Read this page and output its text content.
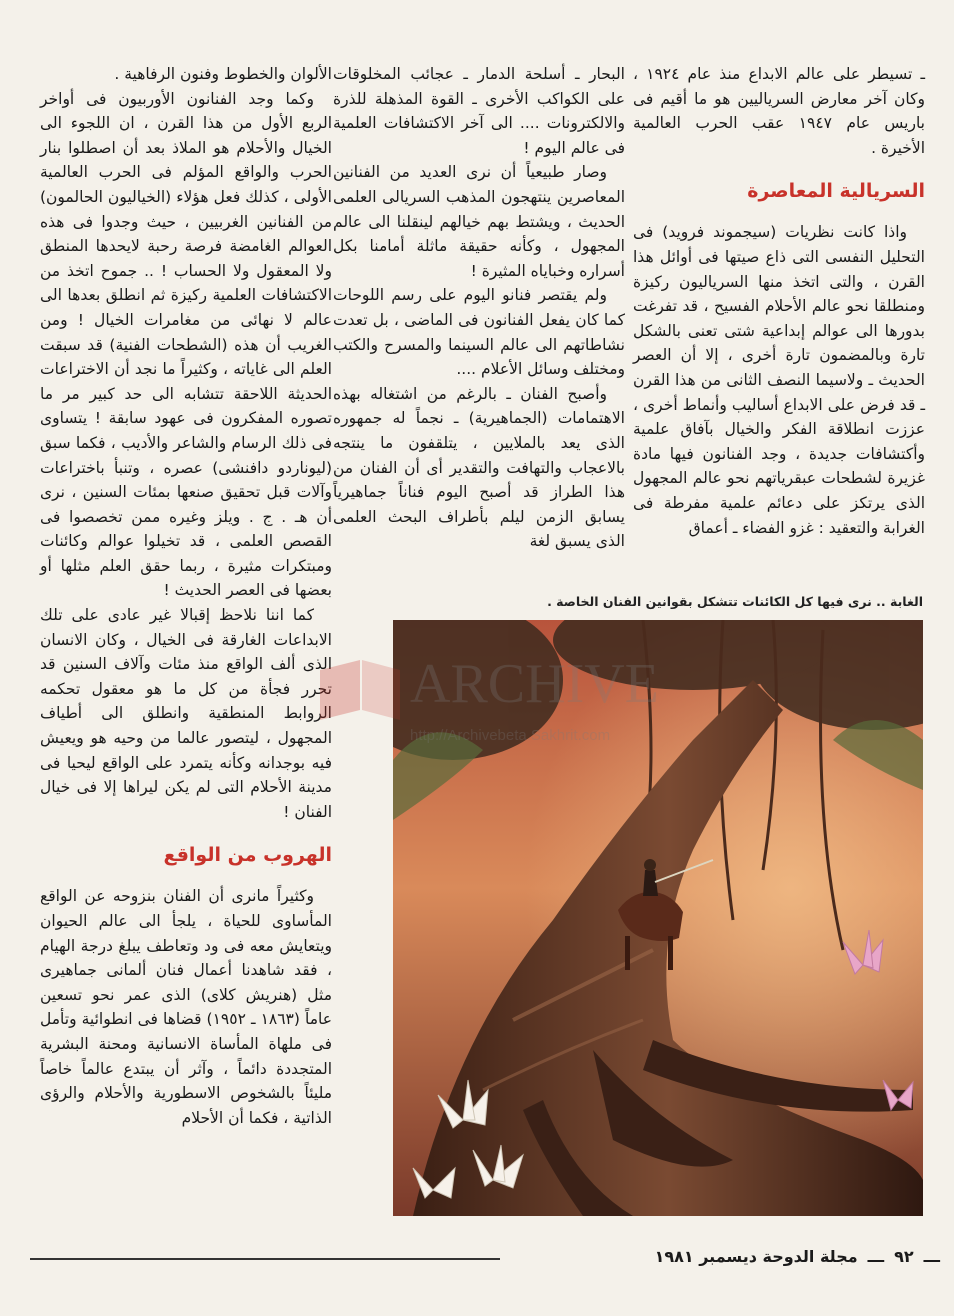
ـ تسيطر على عالم الابداع منذ عام ١٩٢٤ ، وكان آخر معارض السرياليين هو ما أقيم فى باريس عام ١٩٤٧ عقب الحرب العالمية الأخيرة .

السريالية المعاصرة

واذا كانت نظريات (سيجموند فرويد) فى التحليل النفسى التى ذاع صيتها فى أوائل هذا القرن ، والتى اتخذ منها السرياليون ركيزة ومنطلقا نحو عالم الأحلام الفسيح ، قد تفرغت بدورها الى عوالم إبداعية شتى تعنى بالشكل تارة وبالمضمون تارة أخرى ، إلا أن العصر الحديث ـ ولاسيما النصف الثانى من هذا القرن ـ قد فرض على الابداع أساليب وأنماط أخرى ، عززت انطلاقة الفكر والخيال بآفاق علمية وأكتشافات جديدة ، وجد الفنانون فيها مادة غزيرة لشطحات عبقرياتهم نحو عالم المجهول الذى يرتكز على دعائم علمية مفرطة فى الغرابة والتعقيد : غزو الفضاء ـ أعماق

البحار ـ أسلحة الدمار ـ عجائب المخلوقات على الكواكب الأخرى ـ القوة المذهلة للذرة والالكترونات .... الى آخر الاكتشافات العلمية فى عالم اليوم !

وصار طبيعياً أن نرى العديد من الفنانين المعاصرين ينتهجون المذهب السريالى العلمى الحديث ، ويشتط بهم خيالهم لينقلنا الى عالم المجهول ، وكأنه حقيقة ماثلة أمامنا بكل أسراره وخباياه المثيرة !

ولم يقتصر فنانو اليوم على رسم اللوحات كما كان يفعل الفنانون فى الماضى ، بل تعدت نشاطاتهم الى عالم السينما والمسرح والكتب ومختلف وسائل الأعلام ....

وأصبح الفنان ـ بالرغم من اشتغاله بهذه الاهتمامات (الجماهيرية) ـ نجماً له جمهوره الذى يعد بالملايين ، يتلقفون ما ينتجه بالاعجاب والتهافت والتقدير أى أن الفنان من هذا الطراز قد أصبح اليوم فناناً جماهيرياً يسابق الزمن ليلم بأطراف البحث العلمى الذى يسبق لغة

الألوان والخطوط وفنون الرفاهية .

وكما وجد الفنانون الأوربيون فى أواخر الربع الأول من هذا القرن ، ان اللجوء الى الخيال والأحلام هو الملاذ بعد أن اصطلوا بنار الحرب والواقع المؤلم فى الحرب العالمية الأولى ، كذلك فعل هؤلاء (الخياليون الحالمون) من الفنانين الغربيين ، حيث وجدوا فى هذه العوالم الغامضة فرصة رحبة لايحدها المنطق ولا المعقول ولا الحساب ! .. جموح اتخذ من الاكتشافات العلمية ركيزة ثم انطلق بعدها الى عالم لا نهائى من مغامرات الخيال ! ومن الغريب أن هذه (الشطحات الفنية) قد سبقت العلم الى غاياته ، وكثيراً ما نجد أن الاختراعات الحديثة اللاحقة تتشابه الى حد كبير مر ما تصوره المفكرون فى عهود سابقة ! يتساوى فى ذلك الرسام والشاعر والأديب ، فكما سبق (ليوناردو دافنشى) عصره ، وتنبأ باختراعات وآلات قبل تحقيق صنعها بمئات السنين ، نرى أن هـ . ج . ويلز وغيره ممن تخصصوا فى القصص العلمى ، قد تخيلوا عوالم وكائنات ومبتكرات مثيرة ، ربما حقق العلم مثلها أو بعضها فى العصر الحديث !

كما اننا نلاحظ إقبالا غير عادى على تلك الابداعات الغارقة فى الخيال ، وكان الانسان الذى ألف الواقع منذ مئات وآلاف السنين قد تحرر فجأة من كل ما هو معقول تحكمه الروابط المنطقية وانطلق الى أطياف المجهول ، ليتصور عالما من وحيه هو ويعيش فيه بوجدانه وكأنه يتمرد على الواقع ليحيا فى مدينة الأحلام التى لم يكن ليراها إلا فى خيال الفنان !

الهروب من الواقع

وكثيراً مانرى أن الفنان بنزوحه عن الواقع المأساوى للحياة ، يلجأ الى عالم الحيوان ويتعايش معه فى ود وتعاطف يبلغ درجة الهيام ، فقد شاهدنا أعمال فنان ألمانى جماهيرى مثل (هنريش كلاى) الذى عمر نحو تسعين عاماً (١٨٦٣ ـ ١٩٥٢) قضاها فى انطوائية وتأمل فى ملهاة المأساة الانسانية ومحنة البشرية المتجددة دائماً ، وآثر أن يبتدع عالماً خاصاً مليئاً بالشخوص الاسطورية والأحلام والرؤى الذاتية ، فكما أن الأحلام

الغابة .. نرى فيها كل الكائنات تتشكل بقوانين الفنان الخاصة .
ARCHIVE
http://Archivebeta.Sakhrit.com
ـــ
٩٢
ـــ
مجلة الدوحة ديسمبر ١٩٨١
